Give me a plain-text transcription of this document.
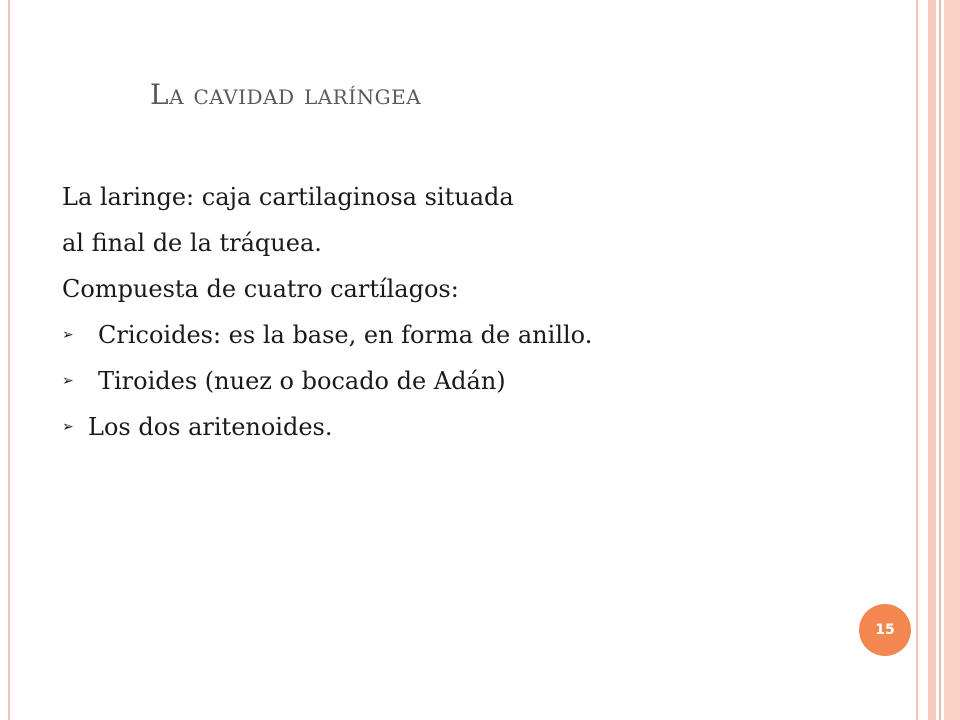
La cavidad laríngea
La laringe: caja cartilaginosa situada
al final de la tráquea.
Compuesta de cuatro cartílagos:
➢	Cricoides: es la base, en forma de anillo.
➢	Tiroides (nuez o bocado de Adán)
➢ Los dos aritenoides.
15
